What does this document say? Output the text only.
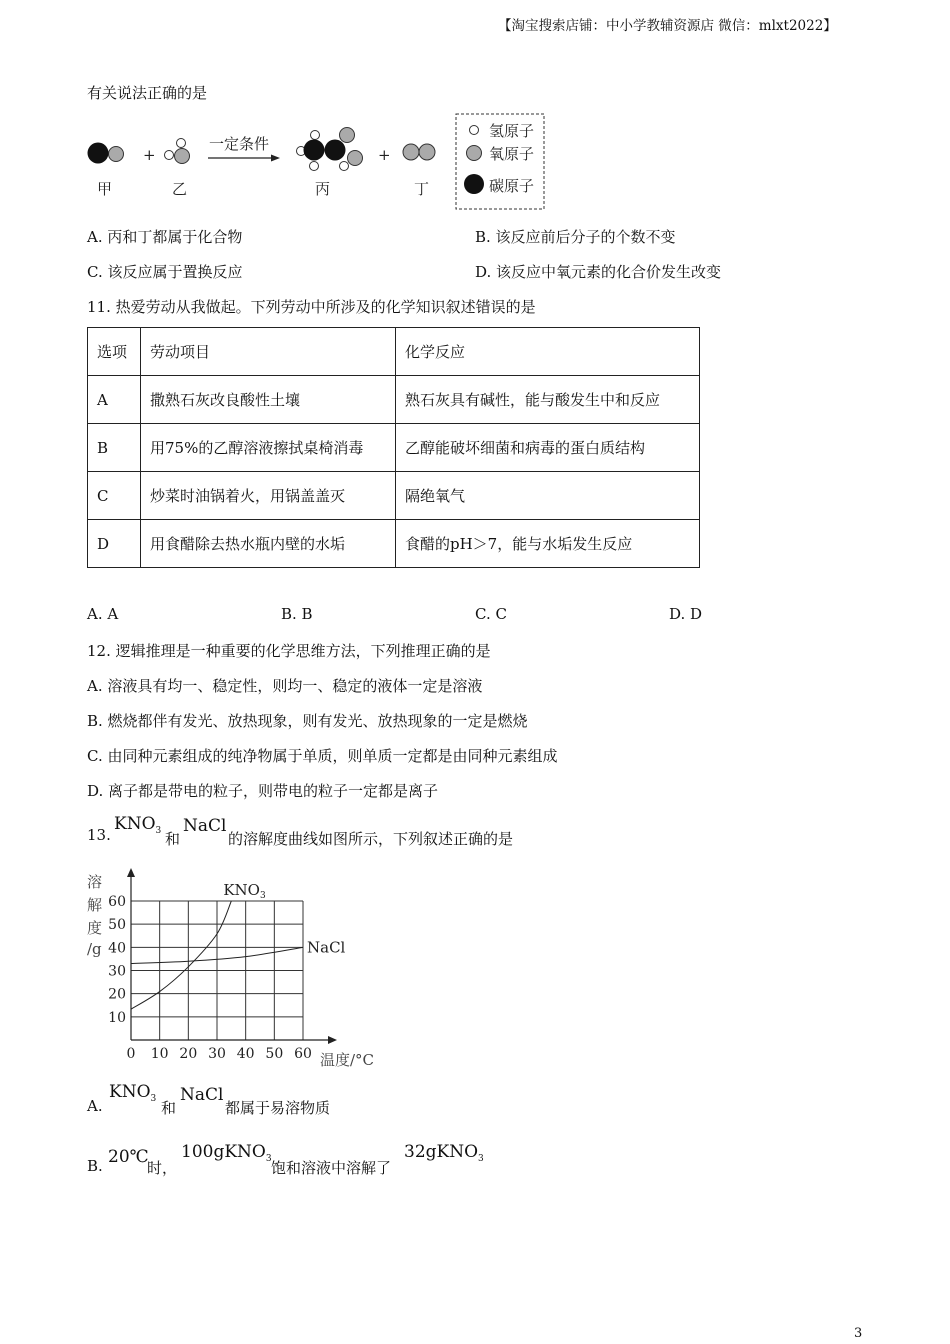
【淘宝搜索店铺：中小学教辅资源店 微信：mlxt2022】
有关说法正确的是
+
一定条件
+
甲	乙	丙	丁
氢原子
氧原子
碳原子
A. 丙和丁都属于化合物	B. 该反应前后分子的个数不变
C. 该反应属于置换反应	D. 该反应中氧元素的化合价发生改变
11. 热爱劳动从我做起。下列劳动中所涉及的化学知识叙述错误的是
选项	劳动项目	化学反应
A	撒熟石灰改良酸性土壤	熟石灰具有碱性，能与酸发生中和反应
B	用75%的乙醇溶液擦拭桌椅消毒	乙醇能破坏细菌和病毒的蛋白质结构
C	炒菜时油锅着火，用锅盖盖灭	隔绝氧气
D	用食醋除去热水瓶内壁的水垢	食醋的pH＞7，能与水垢发生反应
A. A	B. B	C. C	D. D
12. 逻辑推理是一种重要的化学思维方法，下列推理正确的是
A. 溶液具有均一、稳定性，则均一、稳定的液体一定是溶液
B. 燃烧都伴有发光、放热现象，则有发光、放热现象的一定是燃烧
C. 由同种元素组成的纯净物属于单质，则单质一定都是由同种元素组成
D. 离子都是带电的粒子，则带电的粒子一定都是离子
13.
$KNO_3$ 和
NaCl
的溶解度曲线如图所示，下列叙述正确的是
0 10 20 30 40 50 60
10
20
30
40
50
60
$KNO_3$
NaCl
溶
解
度
/g
温度/°C
A.
$KNO_3$ 和
NaCl
都属于易溶物质
B. 20℃
时，
100gKNO$_3$ 饱和溶液中溶解了
32gKNO$_3$
3
